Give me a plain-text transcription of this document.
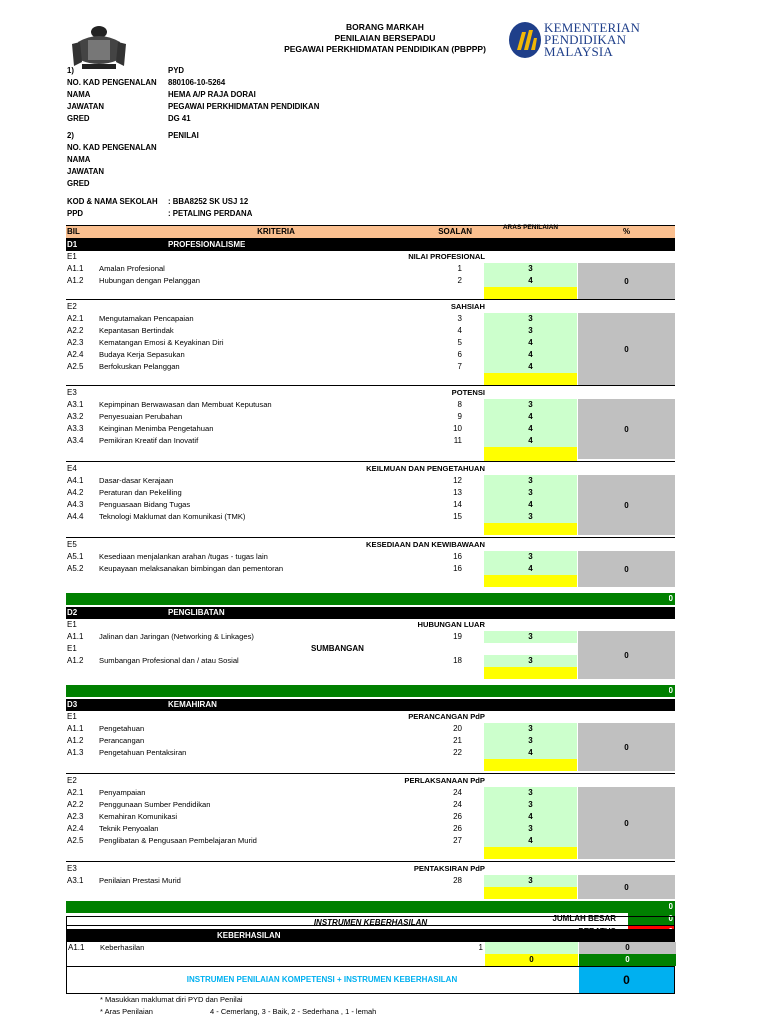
BORANG MARKAH
PENILAIAN BERSEPADU
PEGAWAI PERKHIDMATAN PENDIDIKAN (PBPPP)
KEMENTERIAN
PENDIDIKAN
MALAYSIA
1)	PYD
NO. KAD PENGENALAN 880106-10-5264
NAMA	HEMA A/P RAJA DORAI
JAWATAN	PEGAWAI PERKHIDMATAN PENDIDIKAN
GRED	DG 41
2)	PENILAI
NO. KAD PENGENALAN
NAMA
JAWATAN
GRED
KOD & NAMA SEKOLAH : BBA8252 SK USJ 12
PPD	: PETALING PERDANA
BIL	KRITERIA	SOALAN	ARAS PENILAIAN	%
D1	PROFESIONALISME
E1	NILAI PROFESIONAL
A1.1	Amalan Profesional	1	3
A1.2	Hubungan dengan Pelanggan	2	4	0
E2	SAHSIAH
A2.1	Mengutamakan Pencapaian	3	3
A2.2	Kepantasan Bertindak	4	3
A2.3	Kematangan Emosi & Keyakinan Diri	5	4
A2.4	Budaya Kerja Sepasukan	6	4
A2.5	Berfokuskan Pelanggan	7	4
0
E3	POTENSI
A3.1	Kepimpinan Berwawasan dan Membuat Keputusan	8	3
A3.2	Penyesuaian Perubahan	9	4
A3.3	Keinginan Menimba Pengetahuan	10	4
A3.4	Pemikiran Kreatif dan Inovatif	11	4
0
E4	KEILMUAN DAN PENGETAHUAN
A4.1	Dasar-dasar Kerajaan	12	3
A4.2	Peraturan dan Pekeliling	13	3
A4.3	Penguasaan Bidang Tugas	14	4
A4.4	Teknologi Maklumat dan Komunikasi (TMK)	15	3
0
E5	KESEDIAAN DAN KEWIBAWAAN
A5.1	Kesediaan menjalankan arahan /tugas - tugas lain	16	3
A5.2	Keupayaan melaksanakan bimbingan dan pementoran	16	4	0
0
D2	PENGLIBATAN
E1	HUBUNGAN LUAR
A1.1	Jalinan dan Jaringan (Networking & Linkages)	19	3
E1	SUMBANGAN
A1.2	Sumbangan Profesional dan / atau Sosial	18	3
0
0
D3	KEMAHIRAN
E1	PERANCANGAN PdP
A1.1	Pengetahuan	20	3
A1.2	Perancangan	21	3
A1.3	Pengetahuan Pentaksiran	22	4
0
E2	PERLAKSANAAN PdP
A2.1	Penyampaian	24	3
A2.2	Penggunaan Sumber Pendidikan	24	3
A2.3	Kemahiran Komunikasi	26	4
A2.4	Teknik Penyoalan	26	3
A2.5	Penglibatan & Pengusaan Pembelajaran Murid	27	4
0
E3	PENTAKSIRAN PdP
A3.1	Penilaian Prestasi Murid	28	3
0
0
JUMLAH BESAR	0
INSTRUMEN KEBERHASILAN
KEBERHASILAN
A1.1	Keberhasilan	1	0
0	0
INSTRUMEN PENILAIAN KOMPETENSI + INSTRUMEN KEBERHASILAN	0
* Masukkan maklumat diri PYD dan Penilai
* Aras Penilaian	4 - Cemerlang, 3 - Baik, 2 - Sederhana , 1 - lemah
